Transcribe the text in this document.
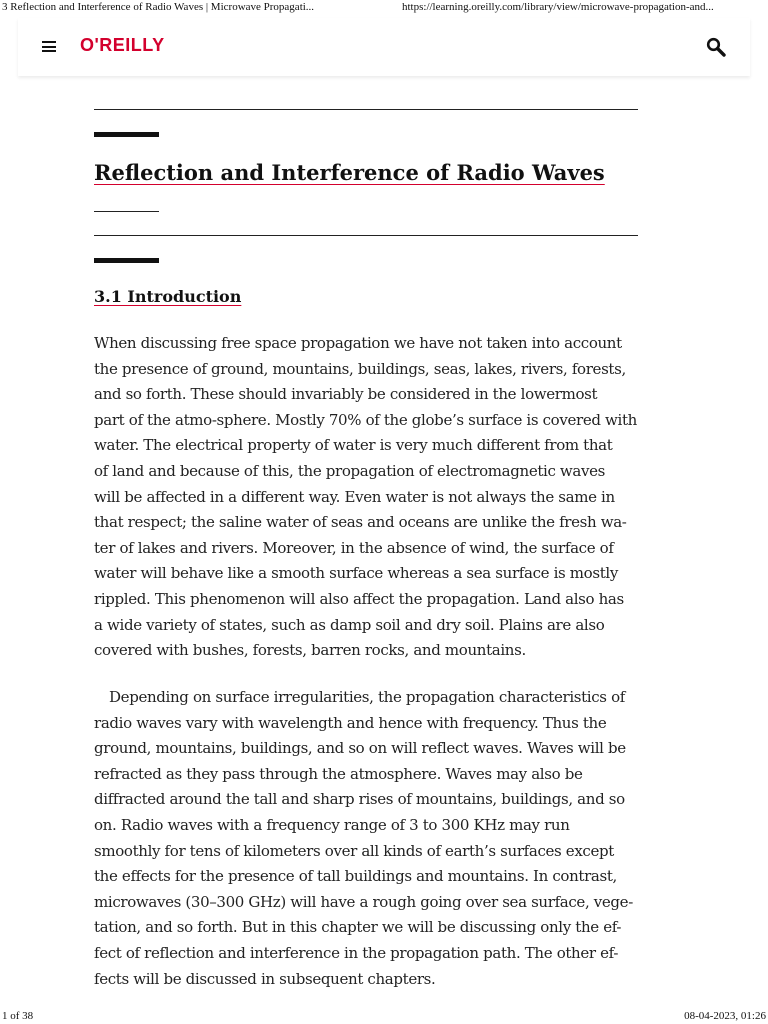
3 Reflection and Interference of Radio Waves | Microwave Propagati...	https://learning.oreilly.com/library/view/microwave-propagation-and...
O'REILLY
Reflection and Interference of Radio Waves
3.1 Introduction

When discussing free space propagation we have not taken into account
the presence of ground, mountains, buildings, seas, lakes, rivers, forests,
and so forth. These should invariably be considered in the lowermost
part of the atmo-sphere. Mostly 70% of the globe’s surface is covered with
water. The electrical property of water is very much different from that
of land and because of this, the propagation of electromagnetic waves
will be affected in a different way. Even water is not always the same in
that respect; the saline water of seas and oceans are unlike the fresh wa-
ter of lakes and rivers. Moreover, in the absence of wind, the surface of
water will behave like a smooth surface whereas a sea surface is mostly
rippled. This phenomenon will also affect the propagation. Land also has
a wide variety of states, such as damp soil and dry soil. Plains are also
covered with bushes, forests, barren rocks, and mountains.

Depending on surface irregularities, the propagation characteristics of
radio waves vary with wavelength and hence with frequency. Thus the
ground, mountains, buildings, and so on will reflect waves. Waves will be
refracted as they pass through the atmosphere. Waves may also be
diffracted around the tall and sharp rises of mountains, buildings, and so
on. Radio waves with a frequency range of 3 to 300 KHz may run
smoothly for tens of kilometers over all kinds of earth’s surfaces except
the effects for the presence of tall buildings and mountains. In contrast,
microwaves (30–300 GHz) will have a rough going over sea surface, vege-
tation, and so forth. But in this chapter we will be discussing only the ef-
fect of reflection and interference in the propagation path. The other ef-
fects will be discussed in subsequent chapters.

1 of 38	08-04-2023, 01:26
